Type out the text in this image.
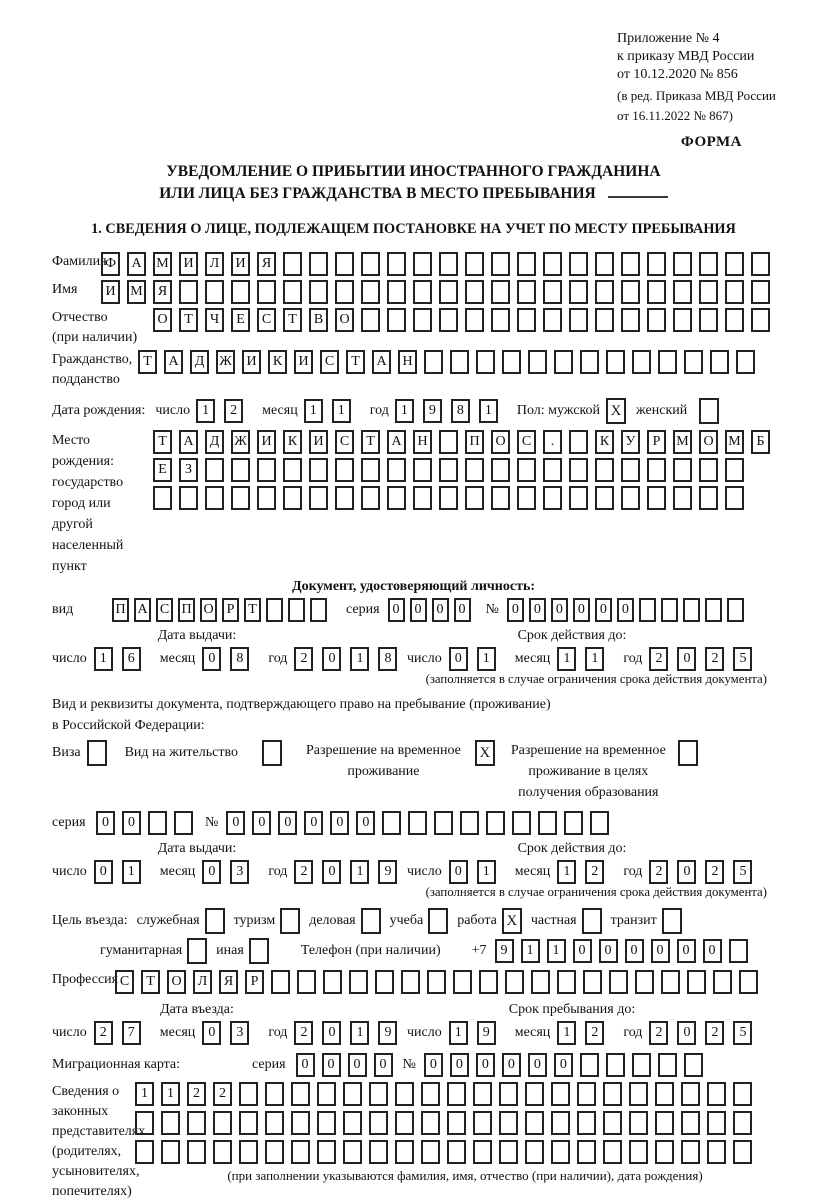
Приложение № 4
к приказу МВД России
от 10.12.2020 № 856
(в ред. Приказа МВД России
от 16.11.2022 № 867)
ФОРМА
УВЕДОМЛЕНИЕ О ПРИБЫТИИ ИНОСТРАННОГО ГРАЖДАНИНА
ИЛИ ЛИЦА БЕЗ ГРАЖДАНСТВА В МЕСТО ПРЕБЫВАНИЯ
1. СВЕДЕНИЯ О ЛИЦЕ, ПОДЛЕЖАЩЕМ ПОСТАНОВКЕ НА УЧЕТ ПО МЕСТУ ПРЕБЫВАНИЯ
Фамилия
Ф	А	М	И	Л	И	Я
Имя	И	М	Я
Отчество
(при наличии)
О	Т	Ч	Е	С	Т	В	О
Гражданство,
подданство
Т	А	Д	Ж	И	К	И	С	Т	А	Н
Дата рождения: число 1	2	месяц 1	1	год 1	9	8	1	Пол: мужской X	женский
Место рождения:
государство
город или другой
населенный пункт
Т	А	Д	Ж	И	К	И	С	Т	А	Н	П	О	С	.	К	У	Р	М	О	М	Б
Е	З
Документ, удостоверяющий личность:
вид	П А С П О Р Т	серия 0	0	0	0	№ 0	0	0	0	0	0
Дата выдачи:
число 1	6	месяц 0	8	год 2	0	1	8
Срок действия до:
число 0	1	месяц 1	1	год 2	0	2	5
(заполняется в случае ограничения срока действия документа)
Вид и реквизиты документа, подтверждающего право на пребывание (проживание)
в Российской Федерации:
Виза	Вид на жительство	Разрешение на временное
проживание
X	Разрешение на временное
проживание в целях
получения образования
серия	0	0	№	0	0	0	0	0	0
Дата выдачи:
число 0	1	месяц 0	3	год 2	0	1	9
Срок действия до:
число 0	1	месяц 1	2	год 2	0	2	5
(заполняется в случае ограничения срока действия документа)
Цель въезда: служебная туризм деловая учеба работа X частная транзит
гуманитарная иная	Телефон (при наличии) +7	9	1	1	0	0	0	0	0	0
Профессия С	Т	О	Л	Я	Р
Дата въезда:
число 2	7	месяц 0	3	год 2	0	1	9
Срок пребывания до:
число 1	9	месяц 1	2	год 2	0	2	5
Миграционная карта:	серия	0	0	0	0	№	0	0	0	0	0	0
Сведения о
законных
представителях
(родителях,
усыновителях,
попечителях)
1	1	2	2
(при заполнении указываются фамилия, имя, отчество (при наличии), дата рождения)
